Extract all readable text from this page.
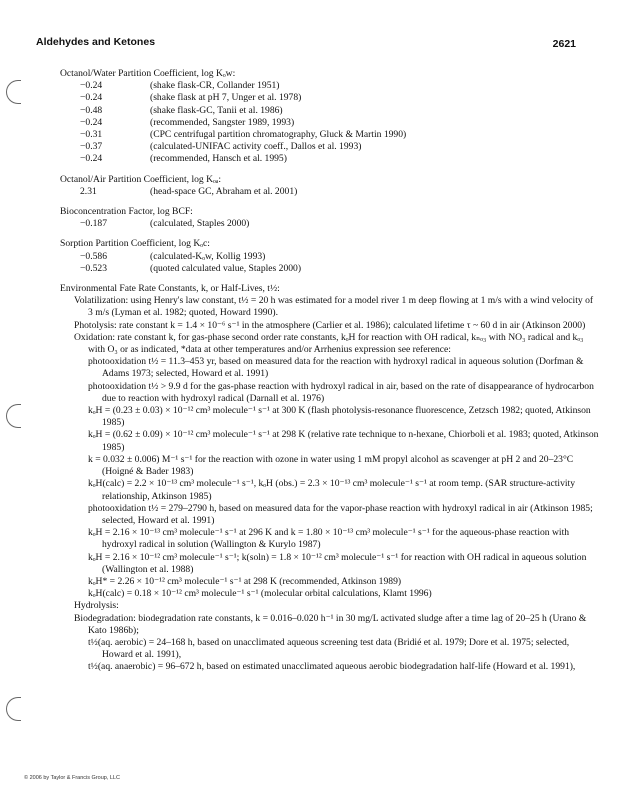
Aldehydes and Ketones	2621
Octanol/Water Partition Coefficient, log Kₒw:
−0.24	(shake flask-CR, Collander 1951)
−0.24	(shake flask at pH 7, Unger et al. 1978)
−0.48	(shake flask-GC, Tanii et al. 1986)
−0.24	(recommended, Sangster 1989, 1993)
−0.31	(CPC centrifugal partition chromatography, Gluck & Martin 1990)
−0.37	(calculated-UNIFAC activity coeff., Dallos et al. 1993)
−0.24	(recommended, Hansch et al. 1995)
Octanol/Air Partition Coefficient, log Kₒₐ:
2.31	(head-space GC, Abraham et al. 2001)
Bioconcentration Factor, log BCF:
−0.187	(calculated, Staples 2000)
Sorption Partition Coefficient, log Kₒc:
−0.586	(calculated-Kₒw, Kollig 1993)
−0.523	(quoted calculated value, Staples 2000)
Environmental Fate Rate Constants, k, or Half-Lives, t½:
Volatilization: using Henry's law constant, t½ = 20 h was estimated for a model river 1 m deep flowing at 1 m/s with a wind velocity of 3 m/s (Lyman et al. 1982; quoted, Howard 1990).
Photolysis: rate constant k = 1.4 × 10⁻⁶ s⁻¹ in the atmosphere (Carlier et al. 1986); calculated lifetime τ ~ 60 d in air (Atkinson 2000)
Oxidation: rate constant k, for gas-phase second order rate constants, kₒH for reaction with OH radical, kₙₒ₃ with NO₃ radical and kₒ₃ with O₃ or as indicated, *data at other temperatures and/or Arrhenius expression see reference:
photooxidation t½ = 11.3–453 yr, based on measured data for the reaction with hydroxyl radical in aqueous solution (Dorfman & Adams 1973; selected, Howard et al. 1991)
photooxidation t½ > 9.9 d for the gas-phase reaction with hydroxyl radical in air, based on the rate of disappearance of hydrocarbon due to reaction with hydroxyl radical (Darnall et al. 1976)
kₒH = (0.23 ± 0.03) × 10⁻¹² cm³ molecule⁻¹ s⁻¹ at 300 K (flash photolysis-resonance fluorescence, Zetzsch 1982; quoted, Atkinson 1985)
kₒH = (0.62 ± 0.09) × 10⁻¹² cm³ molecule⁻¹ s⁻¹ at 298 K (relative rate technique to n-hexane, Chiorboli et al. 1983; quoted, Atkinson 1985)
k = 0.032 ± 0.006) M⁻¹ s⁻¹ for the reaction with ozone in water using 1 mM propyl alcohol as scavenger at pH 2 and 20–23°C (Hoigné & Bader 1983)
kₒH(calc) = 2.2 × 10⁻¹³ cm³ molecule⁻¹ s⁻¹, kₒH (obs.) = 2.3 × 10⁻¹³ cm³ molecule⁻¹ s⁻¹ at room temp. (SAR structure-activity relationship, Atkinson 1985)
photooxidation t½ = 279–2790 h, based on measured data for the vapor-phase reaction with hydroxyl radical in air (Atkinson 1985; selected, Howard et al. 1991)
kₒH = 2.16 × 10⁻¹³ cm³ molecule⁻¹ s⁻¹ at 296 K and k = 1.80 × 10⁻¹³ cm³ molecule⁻¹ s⁻¹ for the aqueous-phase reaction with hydroxyl radical in solution (Wallington & Kurylo 1987)
kₒH = 2.16 × 10⁻¹² cm³ molecule⁻¹ s⁻¹; k(soln) = 1.8 × 10⁻¹² cm³ molecule⁻¹ s⁻¹ for reaction with OH radical in aqueous solution (Wallington et al. 1988)
kₒH* = 2.26 × 10⁻¹² cm³ molecule⁻¹ s⁻¹ at 298 K (recommended, Atkinson 1989)
kₒH(calc) = 0.18 × 10⁻¹² cm³ molecule⁻¹ s⁻¹ (molecular orbital calculations, Klamt 1996)
Hydrolysis:
Biodegradation: biodegradation rate constants, k = 0.016–0.020 h⁻¹ in 30 mg/L activated sludge after a time lag of 20–25 h (Urano & Kato 1986b);
t½(aq. aerobic) = 24–168 h, based on unacclimated aqueous screening test data (Bridié et al. 1979; Dore et al. 1975; selected, Howard et al. 1991),
t½(aq. anaerobic) = 96–672 h, based on estimated unacclimated aqueous aerobic biodegradation half-life (Howard et al. 1991),
© 2006 by Taylor & Francis Group, LLC
